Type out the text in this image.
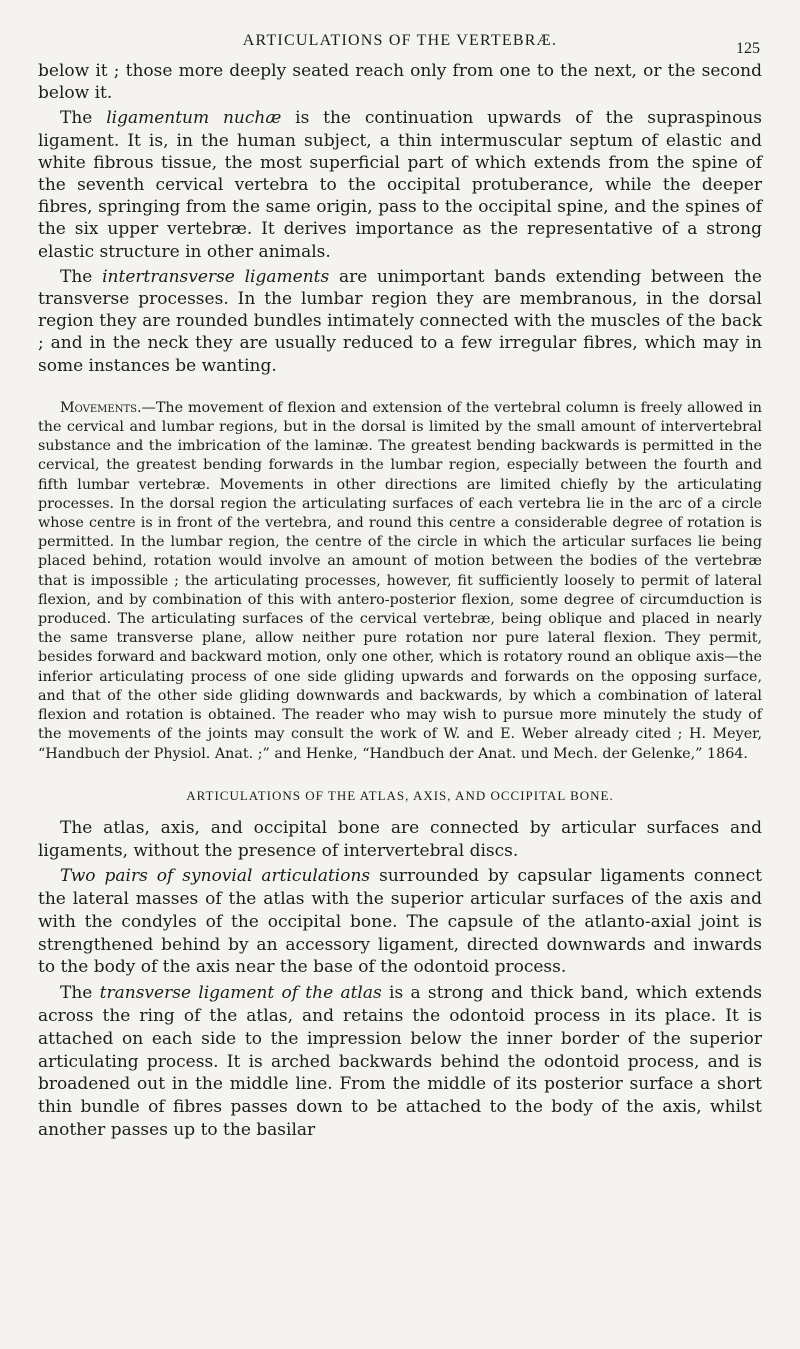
ARTICULATIONS OF THE VERTEBRÆ.	125

below it ; those more deeply seated reach only from one to the next, or the second below it.

The ligamentum nuchæ is the continuation upwards of the supraspinous ligament. It is, in the human subject, a thin intermuscular septum of elastic and white fibrous tissue, the most superficial part of which extends from the spine of the seventh cervical vertebra to the occipital protuberance, while the deeper fibres, springing from the same origin, pass to the occipital spine, and the spines of the six upper vertebræ. It derives importance as the representative of a strong elastic structure in other animals.

The intertransverse ligaments are unimportant bands extending between the transverse processes. In the lumbar region they are membranous, in the dorsal region they are rounded bundles intimately connected with the muscles of the back ; and in the neck they are usually reduced to a few irregular fibres, which may in some instances be wanting.

Movements.—The movement of flexion and extension of the vertebral column is freely allowed in the cervical and lumbar regions, but in the dorsal is limited by the small amount of intervertebral substance and the imbrication of the laminæ. The greatest bending backwards is permitted in the cervical, the greatest bending forwards in the lumbar region, especially between the fourth and fifth lumbar vertebræ. Movements in other directions are limited chiefly by the articulating processes. In the dorsal region the articulating surfaces of each vertebra lie in the arc of a circle whose centre is in front of the vertebra, and round this centre a considerable degree of rotation is permitted. In the lumbar region, the centre of the circle in which the articular surfaces lie being placed behind, rotation would involve an amount of motion between the bodies of the vertebræ that is impossible ; the articulating processes, however, fit sufficiently loosely to permit of lateral flexion, and by combination of this with antero-posterior flexion, some degree of circumduction is produced. The articulating surfaces of the cervical vertebræ, being oblique and placed in nearly the same transverse plane, allow neither pure rotation nor pure lateral flexion. They permit, besides forward and backward motion, only one other, which is rotatory round an oblique axis—the inferior articulating process of one side gliding upwards and forwards on the opposing surface, and that of the other side gliding downwards and backwards, by which a combination of lateral flexion and rotation is obtained. The reader who may wish to pursue more minutely the study of the movements of the joints may consult the work of W. and E. Weber already cited ; H. Meyer, “Handbuch der Physiol. Anat. ;” and Henke, “Handbuch der Anat. und Mech. der Gelenke,” 1864.

ARTICULATIONS OF THE ATLAS, AXIS, AND OCCIPITAL BONE.

The atlas, axis, and occipital bone are connected by articular surfaces and ligaments, without the presence of intervertebral discs.

Two pairs of synovial articulations surrounded by capsular ligaments connect the lateral masses of the atlas with the superior articular surfaces of the axis and with the condyles of the occipital bone. The capsule of the atlanto-axial joint is strengthened behind by an accessory ligament, directed downwards and inwards to the body of the axis near the base of the odontoid process.

The transverse ligament of the atlas is a strong and thick band, which extends across the ring of the atlas, and retains the odontoid process in its place. It is attached on each side to the impression below the inner border of the superior articulating process. It is arched backwards behind the odontoid process, and is broadened out in the middle line. From the middle of its posterior surface a short thin bundle of fibres passes down to be attached to the body of the axis, whilst another passes up to the basilar
